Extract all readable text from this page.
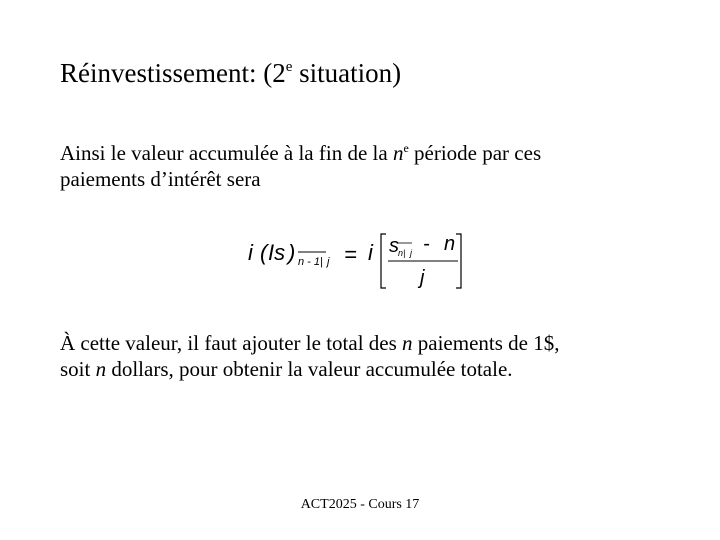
Réinvestissement: (2e situation)
Ainsi le valeur accumulée à la fin de la $n^e$ période par ces
paiements d’intérêt sera
i ( Is ) n - 1| j = i s n| j - n
j
À cette valeur, il faut ajouter le total des n paiements de 1$,
soit n dollars, pour obtenir la valeur accumulée totale.
ACT2025 - Cours 17
